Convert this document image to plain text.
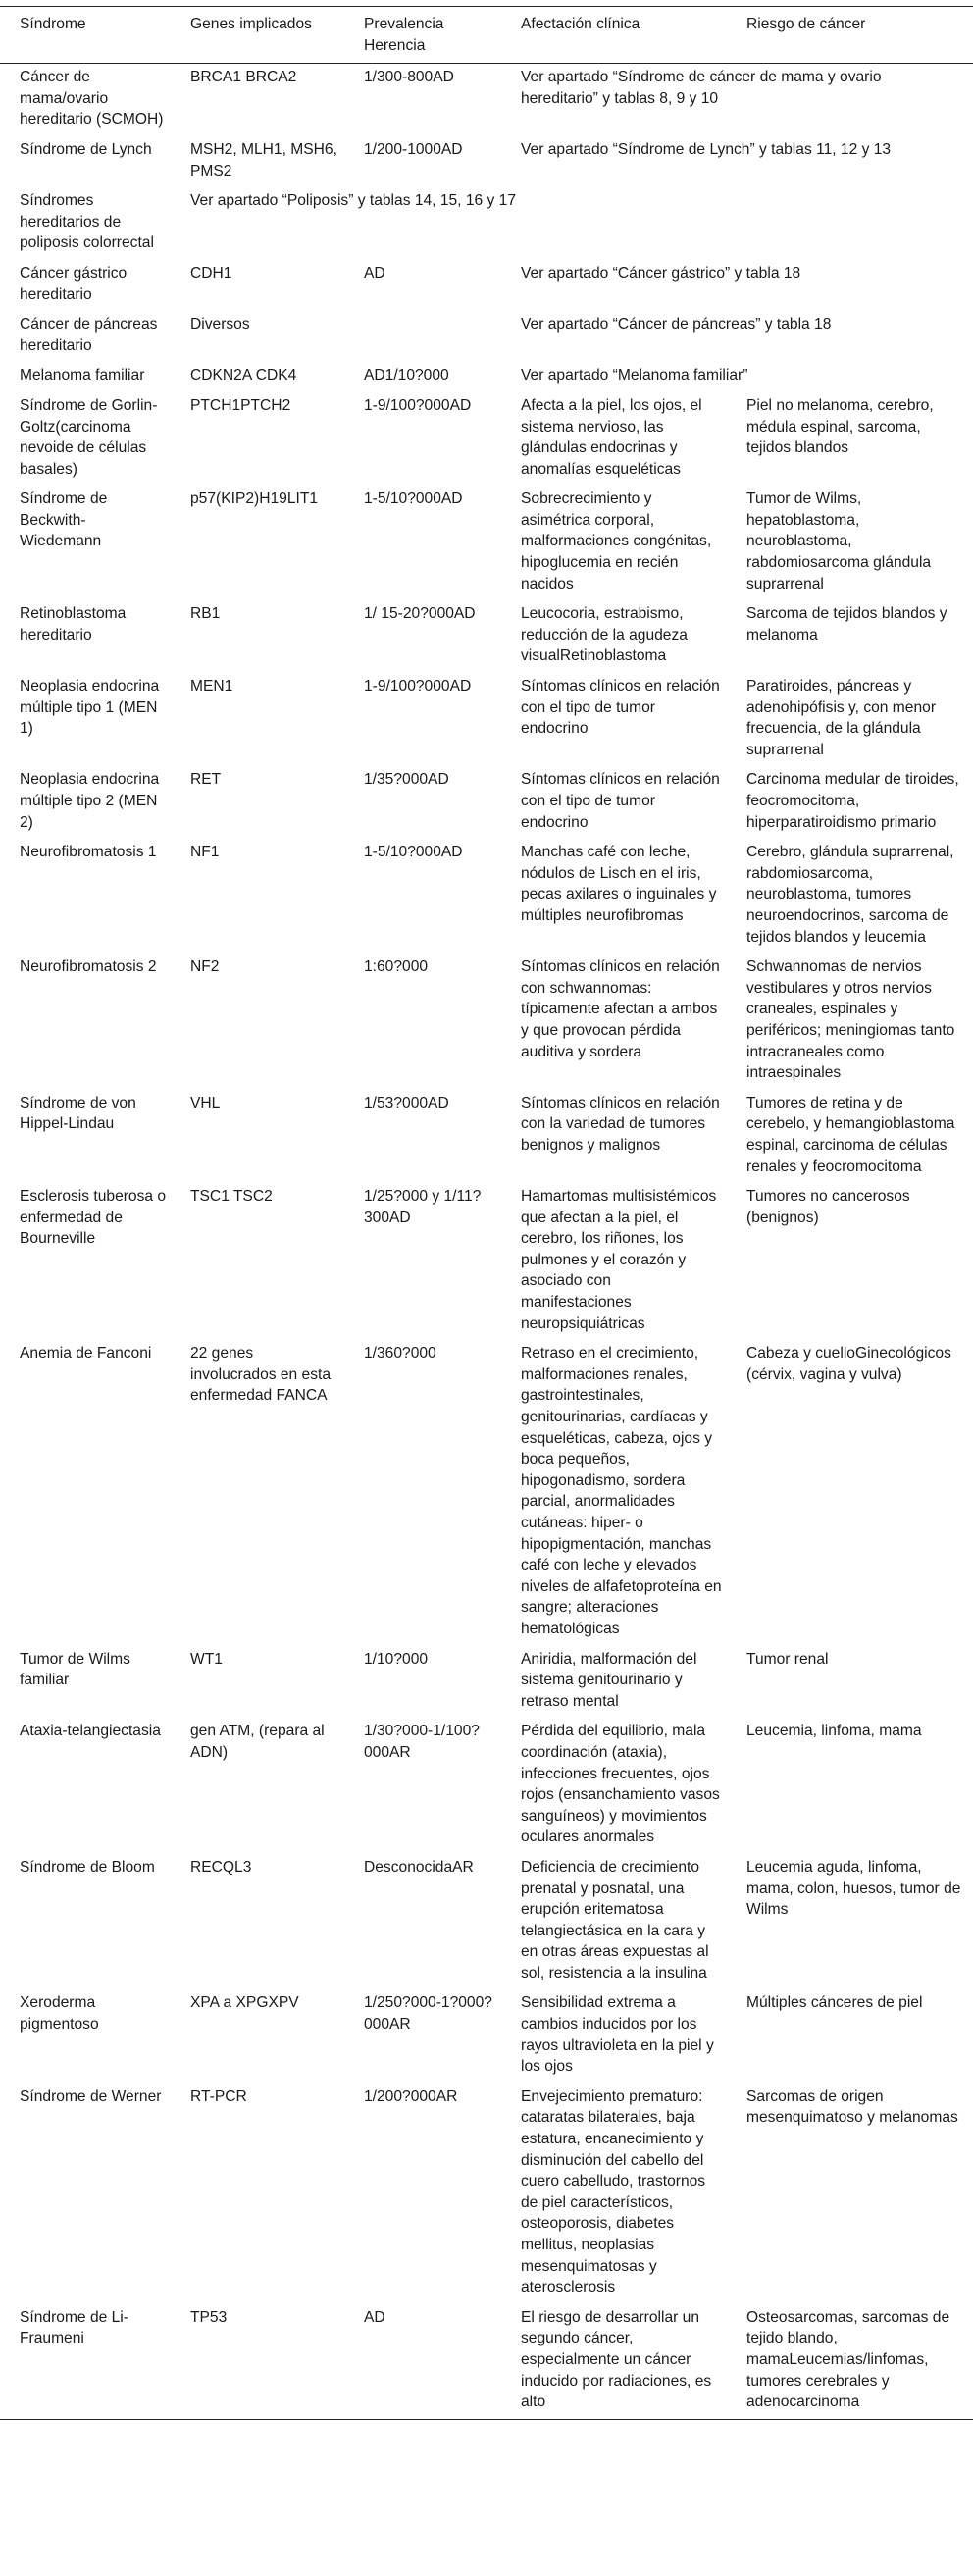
Síndrome	Genes implicados	Prevalencia Herencia	Afectación clínica	Riesgo de cáncer
Cáncer de mama/ovario hereditario (SCMOH)	BRCA1 BRCA2	1/300-800AD	Ver apartado “Síndrome de cáncer de mama y ovario hereditario” y tablas 8, 9 y 10
Síndrome de Lynch	MSH2, MLH1, MSH6, PMS2	1/200-1000AD	Ver apartado “Síndrome de Lynch” y tablas 11, 12 y 13
Síndromes hereditarios de poliposis colorrectal	Ver apartado “Poliposis” y tablas 14, 15, 16 y 17			
Cáncer gástrico hereditario	CDH1	AD	Ver apartado “Cáncer gástrico” y tabla 18
Cáncer de páncreas hereditario	Diversos		Ver apartado “Cáncer de páncreas” y tabla 18
Melanoma familiar	CDKN2A CDK4	AD1/10?000	Ver apartado “Melanoma familiar”
Síndrome de Gorlin-Goltz(carcinoma nevoide de células basales)	PTCH1PTCH2	1-9/100?000AD	Afecta a la piel, los ojos, el sistema nervioso, las glándulas endocrinas y anomalías esqueléticas	Piel no melanoma, cerebro, médula espinal, sarcoma, tejidos blandos
Síndrome de Beckwith-Wiedemann	p57(KIP2)H19LIT1	1-5/10?000AD	Sobrecrecimiento y asimétrica corporal, malformaciones congénitas, hipoglucemia en recién nacidos	Tumor de Wilms, hepatoblastoma, neuroblastoma, rabdomiosarcoma glándula suprarrenal
Retinoblastoma hereditario	RB1	1/ 15-20?000AD	Leucocoria, estrabismo, reducción de la agudeza visualRetinoblastoma	Sarcoma de tejidos blandos y melanoma
Neoplasia endocrina múltiple tipo 1 (MEN 1)	MEN1	1-9/100?000AD	Síntomas clínicos en relación con el tipo de tumor endocrino	Paratiroides, páncreas y adenohipófisis y, con menor frecuencia, de la glándula suprarrenal
Neoplasia endocrina múltiple tipo 2 (MEN 2)	RET	1/35?000AD	Síntomas clínicos en relación con el tipo de tumor endocrino	Carcinoma medular de tiroides, feocromocitoma, hiperparatiroidismo primario
Neurofibromatosis 1	NF1	1-5/10?000AD	Manchas café con leche, nódulos de Lisch en el iris, pecas axilares o inguinales y múltiples neurofibromas	Cerebro, glándula suprarrenal, rabdomiosarcoma, neuroblastoma, tumores neuroendocrinos, sarcoma de tejidos blandos y leucemia
Neurofibromatosis 2	NF2	1:60?000	Síntomas clínicos en relación con schwannomas: típicamente afectan a ambos y que provocan pérdida auditiva y sordera	Schwannomas de nervios vestibulares y otros nervios craneales, espinales y periféricos; meningiomas tanto intracraneales como intraespinales
Síndrome de von Hippel-Lindau	VHL	1/53?000AD	Síntomas clínicos en relación con la variedad de tumores benignos y malignos	Tumores de retina y de cerebelo, y hemangioblastoma espinal, carcinoma de células renales y feocromocitoma
Esclerosis tuberosa o enfermedad de Bourneville	TSC1 TSC2	1/25?000 y 1/11?300AD	Hamartomas multisistémicos que afectan a la piel, el cerebro, los riñones, los pulmones y el corazón y asociado con manifestaciones neuropsiquiátricas	Tumores no cancerosos (benignos)
Anemia de Fanconi	22 genes involucrados en esta enfermedad FANCA	1/360?000	Retraso en el crecimiento, malformaciones renales, gastrointestinales, genitourinarias, cardíacas y esqueléticas, cabeza, ojos y boca pequeños, hipogonadismo, sordera parcial, anormalidades cutáneas: hiper- o hipopigmentación, manchas café con leche y elevados niveles de alfafetoproteína en sangre; alteraciones hematológicas	Cabeza y cuelloGinecológicos (cérvix, vagina y vulva)
Tumor de Wilms familiar	WT1	1/10?000	Aniridia, malformación del sistema genitourinario y retraso mental	Tumor renal
Ataxia-telangiectasia	gen ATM, (repara al ADN)	1/30?000-1/100?000AR	Pérdida del equilibrio, mala coordinación (ataxia), infecciones frecuentes, ojos rojos (ensanchamiento vasos sanguíneos) y movimientos oculares anormales	Leucemia, linfoma, mama
Síndrome de Bloom	RECQL3	DesconocidaAR	Deficiencia de crecimiento prenatal y posnatal, una erupción eritematosa telangiectásica en la cara y en otras áreas expuestas al sol, resistencia a la insulina	Leucemia aguda, linfoma, mama, colon, huesos, tumor de Wilms
Xeroderma pigmentoso	XPA a XPGXPV	1/250?000-1?000?000AR	Sensibilidad extrema a cambios inducidos por los rayos ultravioleta en la piel y los ojos	Múltiples cánceres de piel
Síndrome de Werner	RT-PCR	1/200?000AR	Envejecimiento prematuro: cataratas bilaterales, baja estatura, encanecimiento y disminución del cabello del cuero cabelludo, trastornos de piel característicos, osteoporosis, diabetes mellitus, neoplasias mesenquimatosas y aterosclerosis	Sarcomas de origen mesenquimatoso y melanomas
Síndrome de Li-Fraumeni	TP53	AD	El riesgo de desarrollar un segundo cáncer, especialmente un cáncer inducido por radiaciones, es alto	Osteosarcomas, sarcomas de tejido blando, mamaLeucemias/linfomas, tumores cerebrales y adenocarcinoma
